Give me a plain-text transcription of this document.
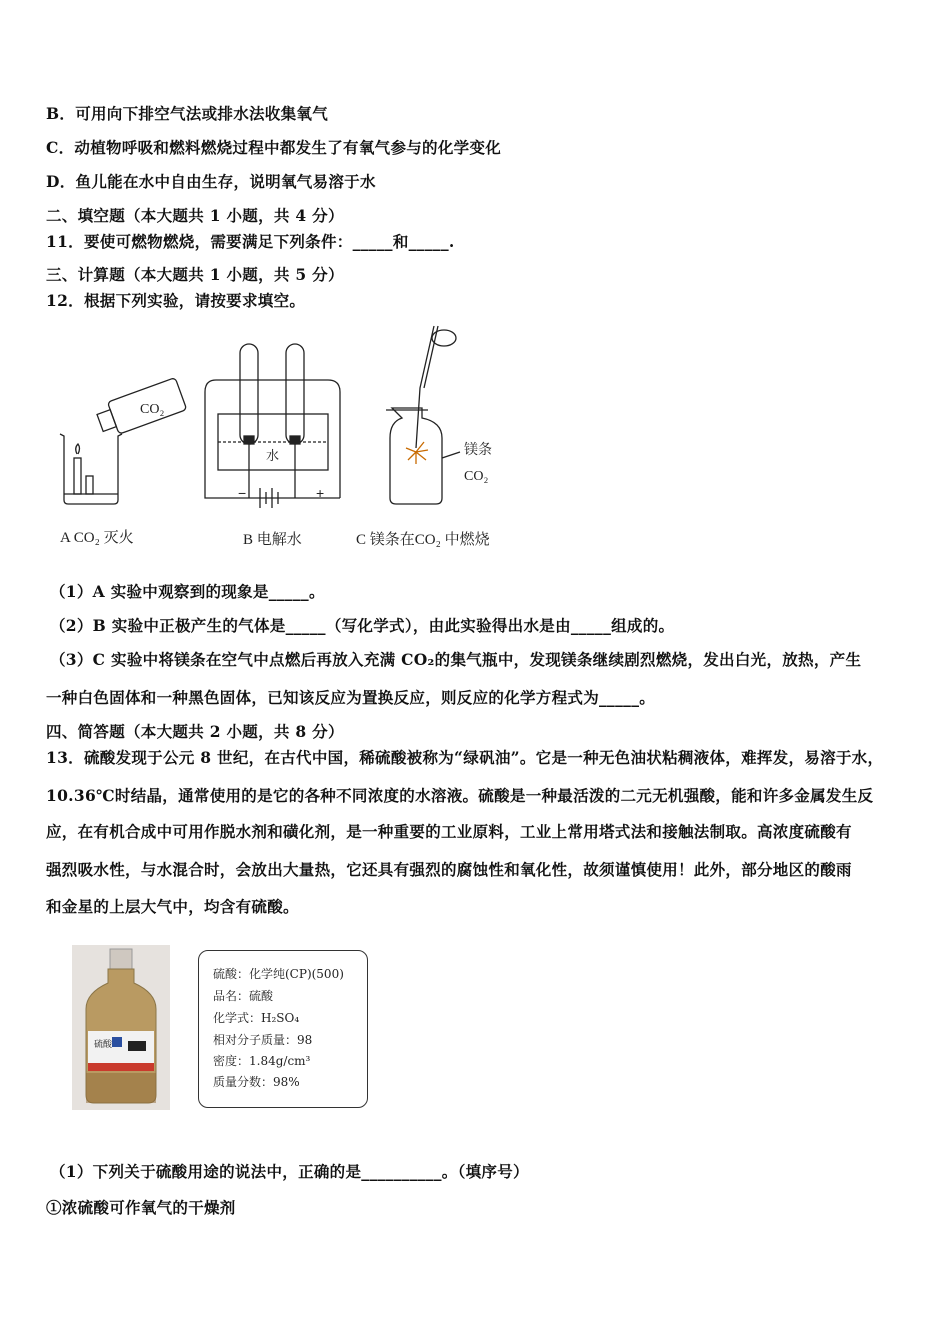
B．可用向下排空气法或排水法收集氧气
C．动植物呼吸和燃料燃烧过程中都发生了有氧气参与的化学变化
D．鱼儿能在水中自由生存，说明氧气易溶于水
二、填空题（本大题共 1 小题，共 4 分）
11．要使可燃物燃烧，需要满足下列条件：_____和_____.
三、计算题（本大题共 1 小题，共 5 分）
12．根据下列实验，请按要求填空。
CO₂
水
−	+
镁条
CO₂
A CO₂ 灭火	B 电解水	C 镁条在CO₂ 中燃烧
（1）A 实验中观察到的现象是_____。
（2）B 实验中正极产生的气体是_____（写化学式），由此实验得出水是由_____组成的。
（3）C 实验中将镁条在空气中点燃后再放入充满 CO₂的集气瓶中，发现镁条继续剧烈燃烧，发出白光，放热，产生
一种白色固体和一种黑色固体，已知该反应为置换反应，则反应的化学方程式为_____。
四、简答题（本大题共 2 小题，共 8 分）
13．硫酸发现于公元 8 世纪，在古代中国，稀硫酸被称为“绿矾油”。它是一种无色油状粘稠液体，难挥发，易溶于水，
10.36℃时结晶，通常使用的是它的各种不同浓度的水溶液。硫酸是一种最活泼的二元无机强酸，能和许多金属发生反
应，在有机合成中可用作脱水剂和磺化剂，是一种重要的工业原料，工业上常用塔式法和接触法制取。高浓度硫酸有
强烈吸水性，与水混合时，会放出大量热，它还具有强烈的腐蚀性和氧化性，故须谨慎使用！此外，部分地区的酸雨
和金星的上层大气中，均含有硫酸。
硫酸
硫酸：化学纯(CP)(500)
品名：硫酸
化学式：H₂SO₄
相对分子质量：98
密度：1.84g/cm³
质量分数：98%
（1）下列关于硫酸用途的说法中，正确的是__________。（填序号）
①浓硫酸可作氧气的干燥剂
